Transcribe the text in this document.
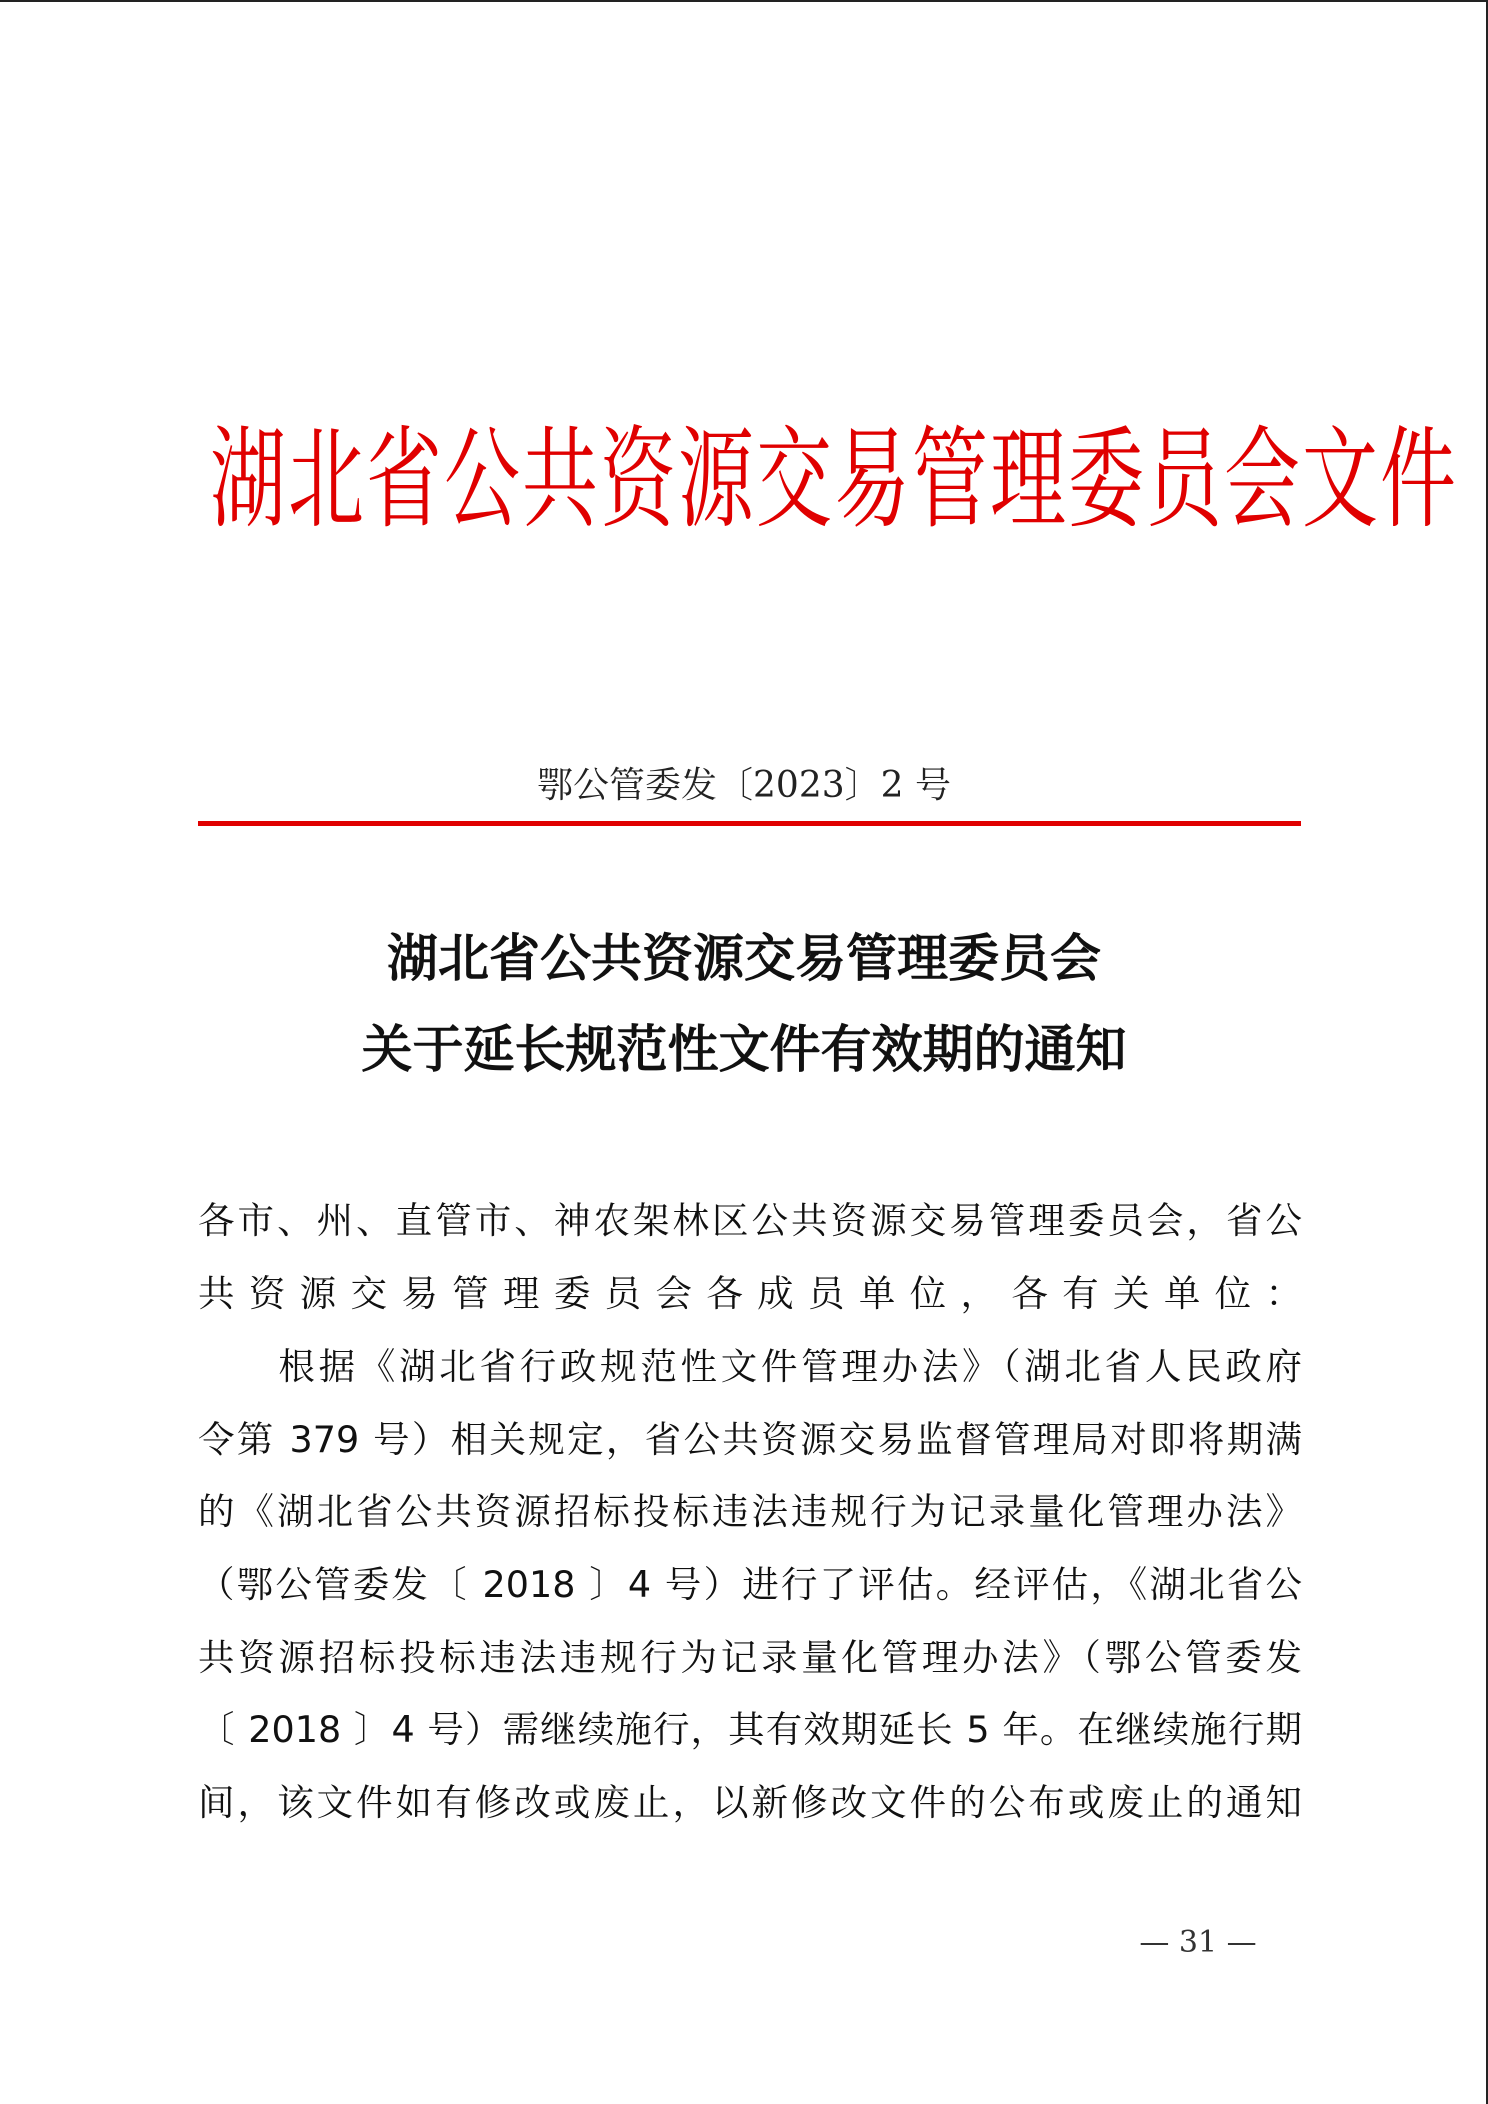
湖北省公共资源交易管理委员会文件
鄂公管委发〔2023〕2 号
湖北省公共资源交易管理委员会
关于延长规范性文件有效期的通知
各市、州、直管市、神农架林区公共资源交易管理委员会，省公
共资源交易管理委员会各成员单位，各有关单位：
　　根据《湖北省行政规范性文件管理办法》（湖北省人民政府
令第 379 号）相关规定，省公共资源交易监督管理局对即将期满
的《湖北省公共资源招标投标违法违规行为记录量化管理办法》
（鄂公管委发〔 2018 〕4 号）进行了评估。经评估，《湖北省公
共资源招标投标违法违规行为记录量化管理办法》（鄂公管委发
〔 2018 〕4 号）需继续施行，其有效期延长 5 年。在继续施行期
间，该文件如有修改或废止，以新修改文件的公布或废止的通知
— 31 —
